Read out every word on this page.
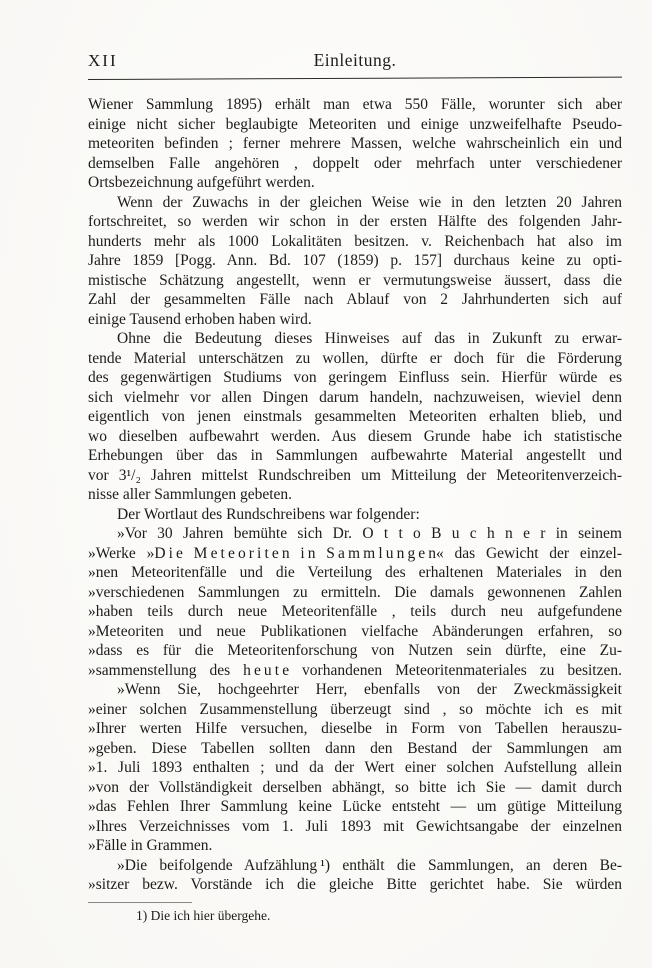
XII	Einleitung.
Wiener Sammlung 1895) erhält man etwa 550 Fälle, worunter sich aber
einige nicht sicher beglaubigte Meteoriten und einige unzweifelhafte Pseudo-
meteoriten befinden ; ferner mehrere Massen, welche wahrscheinlich ein und
demselben Falle angehören , doppelt oder mehrfach unter verschiedener
Ortsbezeichnung aufgeführt werden.
Wenn der Zuwachs in der gleichen Weise wie in den letzten 20 Jahren
fortschreitet, so werden wir schon in der ersten Hälfte des folgenden Jahr-
hunderts mehr als 1000 Lokalitäten besitzen. v. Reichenbach hat also im
Jahre 1859 [Pogg. Ann. Bd. 107 (1859) p. 157] durchaus keine zu opti-
mistische Schätzung angestellt, wenn er vermutungsweise äussert, dass die
Zahl der gesammelten Fälle nach Ablauf von 2 Jahrhunderten sich auf
einige Tausend erhoben haben wird.
Ohne die Bedeutung dieses Hinweises auf das in Zukunft zu erwar-
tende Material unterschätzen zu wollen, dürfte er doch für die Förderung
des gegenwärtigen Studiums von geringem Einfluss sein. Hierfür würde es
sich vielmehr vor allen Dingen darum handeln, nachzuweisen, wieviel denn
eigentlich von jenen einstmals gesammelten Meteoriten erhalten blieb, und
wo dieselben aufbewahrt werden. Aus diesem Grunde habe ich statistische
Erhebungen über das in Sammlungen aufbewahrte Material angestellt und
vor 3¹/₂ Jahren mittelst Rundschreiben um Mitteilung der Meteoritenverzeich-
nisse aller Sammlungen gebeten.
Der Wortlaut des Rundschreibens war folgender:
»Vor 30 Jahren bemühte sich Dr. O t t o B u c h n e r in seinem
»Werke »D i e M e t e o r i t e n i n S a m m l u n g e n« das Gewicht der einzel-
»nen Meteoritenfälle und die Verteilung des erhaltenen Materiales in den
»verschiedenen Sammlungen zu ermitteln. Die damals gewonnenen Zahlen
»haben teils durch neue Meteoritenfälle , teils durch neu aufgefundene
»Meteoriten und neue Publikationen vielfache Abänderungen erfahren, so
»dass es für die Meteoritenforschung von Nutzen sein dürfte, eine Zu-
»sammenstellung des h e u t e vorhandenen Meteoritenmateriales zu besitzen.
»Wenn Sie, hochgeehrter Herr, ebenfalls von der Zweckmässigkeit
»einer solchen Zusammenstellung überzeugt sind , so möchte ich es mit
»Ihrer werten Hilfe versuchen, dieselbe in Form von Tabellen herauszu-
»geben. Diese Tabellen sollten dann den Bestand der Sammlungen am
»1. Juli 1893 enthalten ; und da der Wert einer solchen Aufstellung allein
»von der Vollständigkeit derselben abhängt, so bitte ich Sie — damit durch
»das Fehlen Ihrer Sammlung keine Lücke entsteht — um gütige Mitteilung
»Ihres Verzeichnisses vom 1. Juli 1893 mit Gewichtsangabe der einzelnen
»Fälle in Grammen.
»Die beifolgende Aufzählung ¹) enthält die Sammlungen, an deren Be-
»sitzer bezw. Vorstände ich die gleiche Bitte gerichtet habe. Sie würden
1) Die ich hier übergehe.
